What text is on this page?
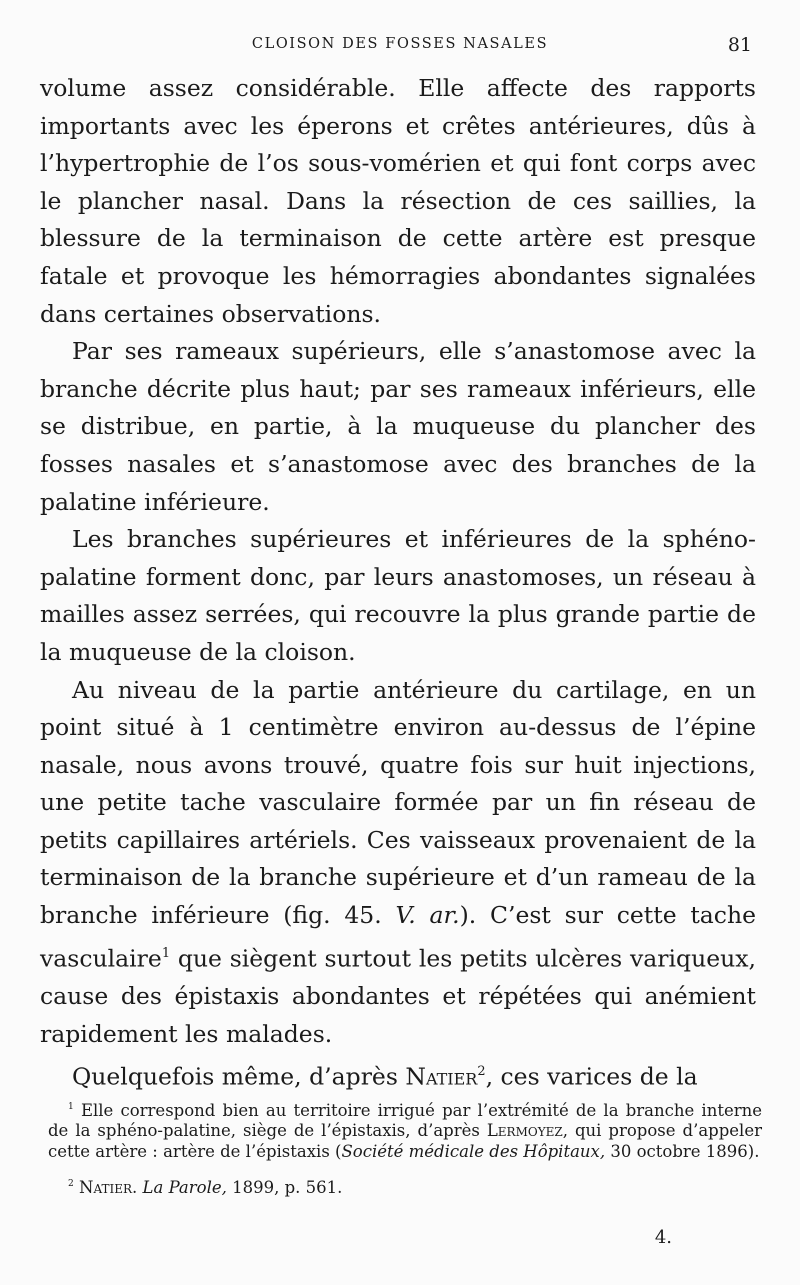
CLOISON DES FOSSES NASALES	81

volume assez considérable. Elle affecte des rapports importants avec les éperons et crêtes antérieures, dûs à l’hypertrophie de l’os sous-vomérien et qui font corps avec le plancher nasal. Dans la résection de ces saillies, la blessure de la terminaison de cette artère est presque fatale et provoque les hémorragies abondantes signalées dans certaines observations.

Par ses rameaux supérieurs, elle s’anastomose avec la branche décrite plus haut; par ses rameaux inférieurs, elle se distribue, en partie, à la muqueuse du plancher des fosses nasales et s’anastomose avec des branches de la palatine inférieure.

Les branches supérieures et inférieures de la sphéno-palatine forment donc, par leurs anastomoses, un réseau à mailles assez serrées, qui recouvre la plus grande partie de la muqueuse de la cloison.

Au niveau de la partie antérieure du cartilage, en un point situé à 1 centimètre environ au-dessus de l’épine nasale, nous avons trouvé, quatre fois sur huit injections, une petite tache vasculaire formée par un fin réseau de petits capillaires artériels. Ces vaisseaux provenaient de la terminaison de la branche supérieure et d’un rameau de la branche inférieure (fig. 45. V. ar.). C’est sur cette tache vasculaire$^1$ que siègent surtout les petits ulcères variqueux, cause des épistaxis abondantes et répétées qui anémient rapidement les malades.

Quelquefois même, d’après Natier$^2$, ces varices de la

$^1$ Elle correspond bien au territoire irrigué par l’extrémité de la branche interne de la sphéno-palatine, siège de l’épistaxis, d’après Lermoyez, qui propose d’appeler cette artère : artère de l’épistaxis (Société médicale des Hôpitaux, 30 octobre 1896).

$^2$ Natier. La Parole, 1899, p. 561.

4.
